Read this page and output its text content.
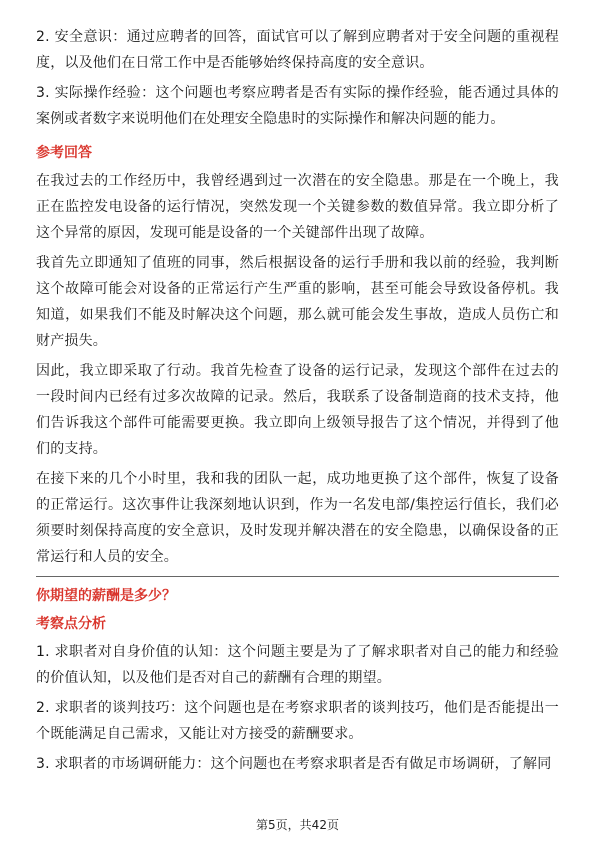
2. 安全意识：通过应聘者的回答，面试官可以了解到应聘者对于安全问题的重视程度，以及他们在日常工作中是否能够始终保持高度的安全意识。

3. 实际操作经验：这个问题也考察应聘者是否有实际的操作经验，能否通过具体的案例或者数字来说明他们在处理安全隐患时的实际操作和解决问题的能力。

参考回答

在我过去的工作经历中，我曾经遇到过一次潜在的安全隐患。那是在一个晚上，我正在监控发电设备的运行情况，突然发现一个关键参数的数值异常。我立即分析了这个异常的原因，发现可能是设备的一个关键部件出现了故障。

我首先立即通知了值班的同事，然后根据设备的运行手册和我以前的经验，我判断这个故障可能会对设备的正常运行产生严重的影响，甚至可能会导致设备停机。我知道，如果我们不能及时解决这个问题，那么就可能会发生事故，造成人员伤亡和财产损失。

因此，我立即采取了行动。我首先检查了设备的运行记录，发现这个部件在过去的一段时间内已经有过多次故障的记录。然后，我联系了设备制造商的技术支持，他们告诉我这个部件可能需要更换。我立即向上级领导报告了这个情况，并得到了他们的支持。

在接下来的几个小时里，我和我的团队一起，成功地更换了这个部件，恢复了设备的正常运行。这次事件让我深刻地认识到，作为一名发电部/集控运行值长，我们必须要时刻保持高度的安全意识，及时发现并解决潜在的安全隐患，以确保设备的正常运行和人员的安全。

你期望的薪酬是多少？
考察点分析

1. 求职者对自身价值的认知：这个问题主要是为了了解求职者对自己的能力和经验的价值认知，以及他们是否对自己的薪酬有合理的期望。

2. 求职者的谈判技巧：这个问题也是在考察求职者的谈判技巧，他们是否能提出一个既能满足自己需求，又能让对方接受的薪酬要求。

3. 求职者的市场调研能力：这个问题也在考察求职者是否有做足市场调研，了解同

第5页，共42页
